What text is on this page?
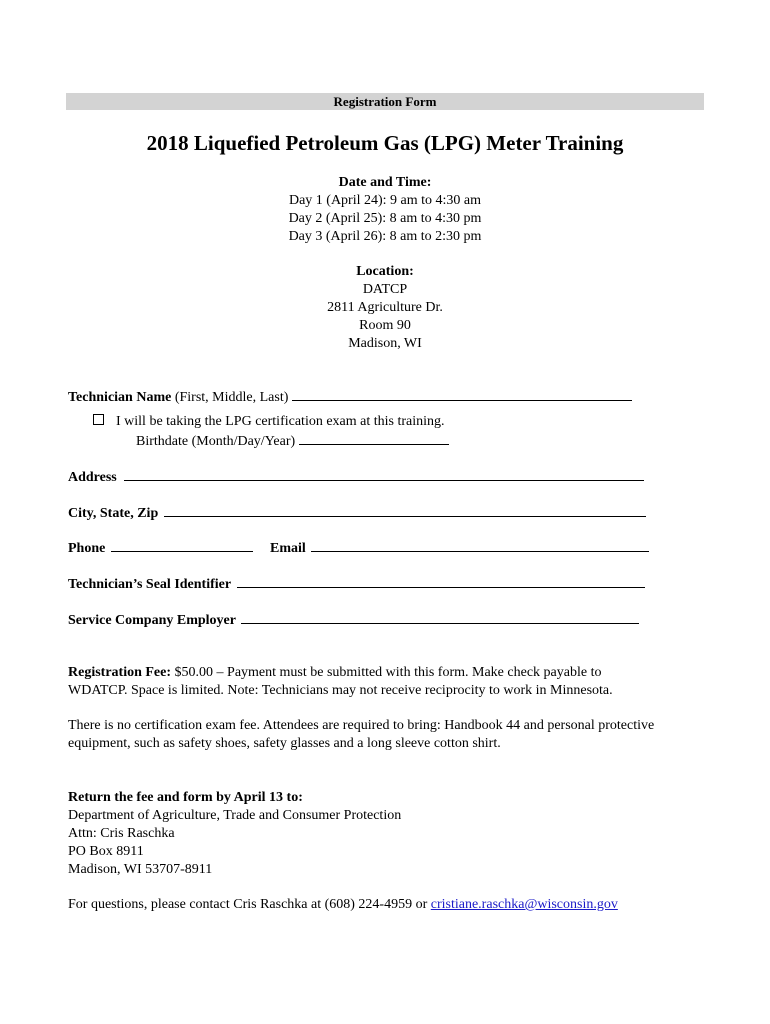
Registration Form
2018 Liquefied Petroleum Gas (LPG) Meter Training
Date and Time:
Day 1 (April 24): 9 am to 4:30 am
Day 2 (April 25): 8 am to 4:30 pm
Day 3 (April 26): 8 am to 2:30 pm
Location:
DATCP
2811 Agriculture Dr.
Room 90
Madison, WI
Technician Name (First, Middle, Last)
I will be taking the LPG certification exam at this training.
Birthdate (Month/Day/Year)
Address
City, State, Zip
Phone	Email
Technician’s Seal Identifier
Service Company Employer
Registration Fee: $50.00 – Payment must be submitted with this form. Make check payable to
WDATCP. Space is limited. Note: Technicians may not receive reciprocity to work in Minnesota.
There is no certification exam fee. Attendees are required to bring: Handbook 44 and personal protective
equipment, such as safety shoes, safety glasses and a long sleeve cotton shirt.
Return the fee and form by April 13 to:
Department of Agriculture, Trade and Consumer Protection
Attn: Cris Raschka
PO Box 8911
Madison, WI 53707-8911
For questions, please contact Cris Raschka at (608) 224-4959 or cristiane.raschka@wisconsin.gov
